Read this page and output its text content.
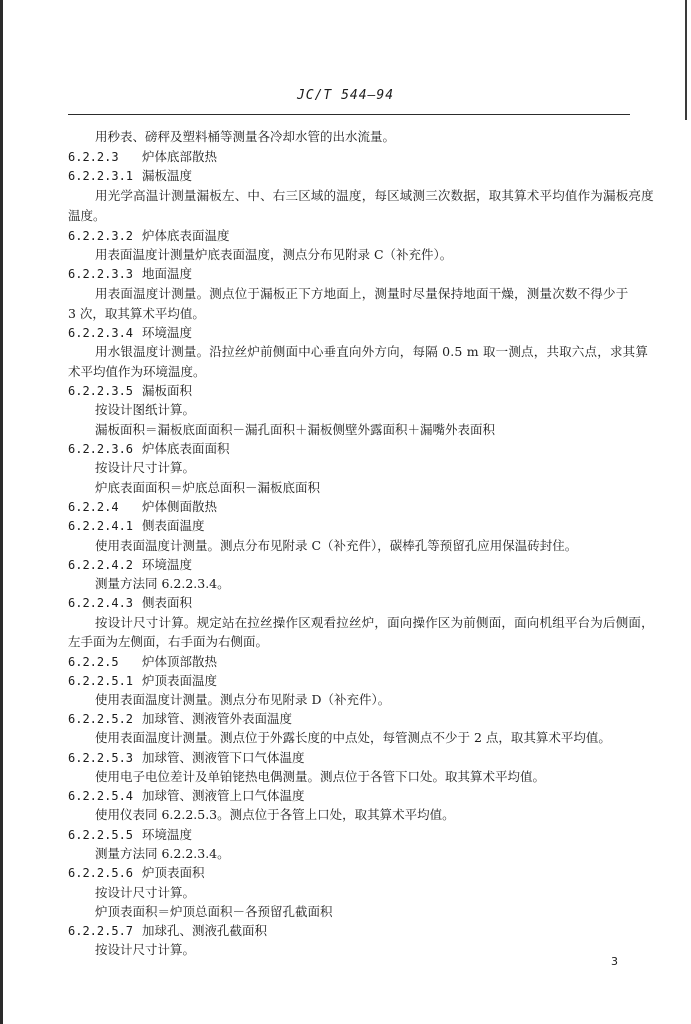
JC/T 544—94
用秒表、磅秤及塑料桶等测量各冷却水管的出水流量。
6.2.2.3 炉体底部散热
6.2.2.3.1 漏板温度
用光学高温计测量漏板左、中、右三区域的温度，每区域测三次数据，取其算术平均值作为漏板亮度
温度。
6.2.2.3.2 炉体底表面温度
用表面温度计测量炉底表面温度，测点分布见附录 C（补充件）。
6.2.2.3.3 地面温度
用表面温度计测量。测点位于漏板正下方地面上，测量时尽量保持地面干燥，测量次数不得少于
3 次，取其算术平均值。
6.2.2.3.4 环境温度
用水银温度计测量。沿拉丝炉前侧面中心垂直向外方向，每隔 0.5 m 取一测点，共取六点，求其算
术平均值作为环境温度。
6.2.2.3.5 漏板面积
按设计图纸计算。
漏板面积＝漏板底面面积－漏孔面积＋漏板侧壁外露面积＋漏嘴外表面积
6.2.2.3.6 炉体底表面面积
按设计尺寸计算。
炉底表面面积＝炉底总面积－漏板底面积
6.2.2.4 炉体侧面散热
6.2.2.4.1 侧表面温度
使用表面温度计测量。测点分布见附录 C（补充件），碳棒孔等预留孔应用保温砖封住。
6.2.2.4.2 环境温度
测量方法同 6.2.2.3.4。
6.2.2.4.3 侧表面积
按设计尺寸计算。规定站在拉丝操作区观看拉丝炉，面向操作区为前侧面，面向机组平台为后侧面，
左手面为左侧面，右手面为右侧面。
6.2.2.5 炉体顶部散热
6.2.2.5.1 炉顶表面温度
使用表面温度计测量。测点分布见附录 D（补充件）。
6.2.2.5.2 加球管、测液管外表面温度
使用表面温度计测量。测点位于外露长度的中点处，每管测点不少于 2 点，取其算术平均值。
6.2.2.5.3 加球管、测液管下口气体温度
使用电子电位差计及单铂铑热电偶测量。测点位于各管下口处。取其算术平均值。
6.2.2.5.4 加球管、测液管上口气体温度
使用仪表同 6.2.2.5.3。测点位于各管上口处，取其算术平均值。
6.2.2.5.5 环境温度
测量方法同 6.2.2.3.4。
6.2.2.5.6 炉顶表面积
按设计尺寸计算。
炉顶表面积＝炉顶总面积－各预留孔截面积
6.2.2.5.7 加球孔、测液孔截面积
按设计尺寸计算。
3
